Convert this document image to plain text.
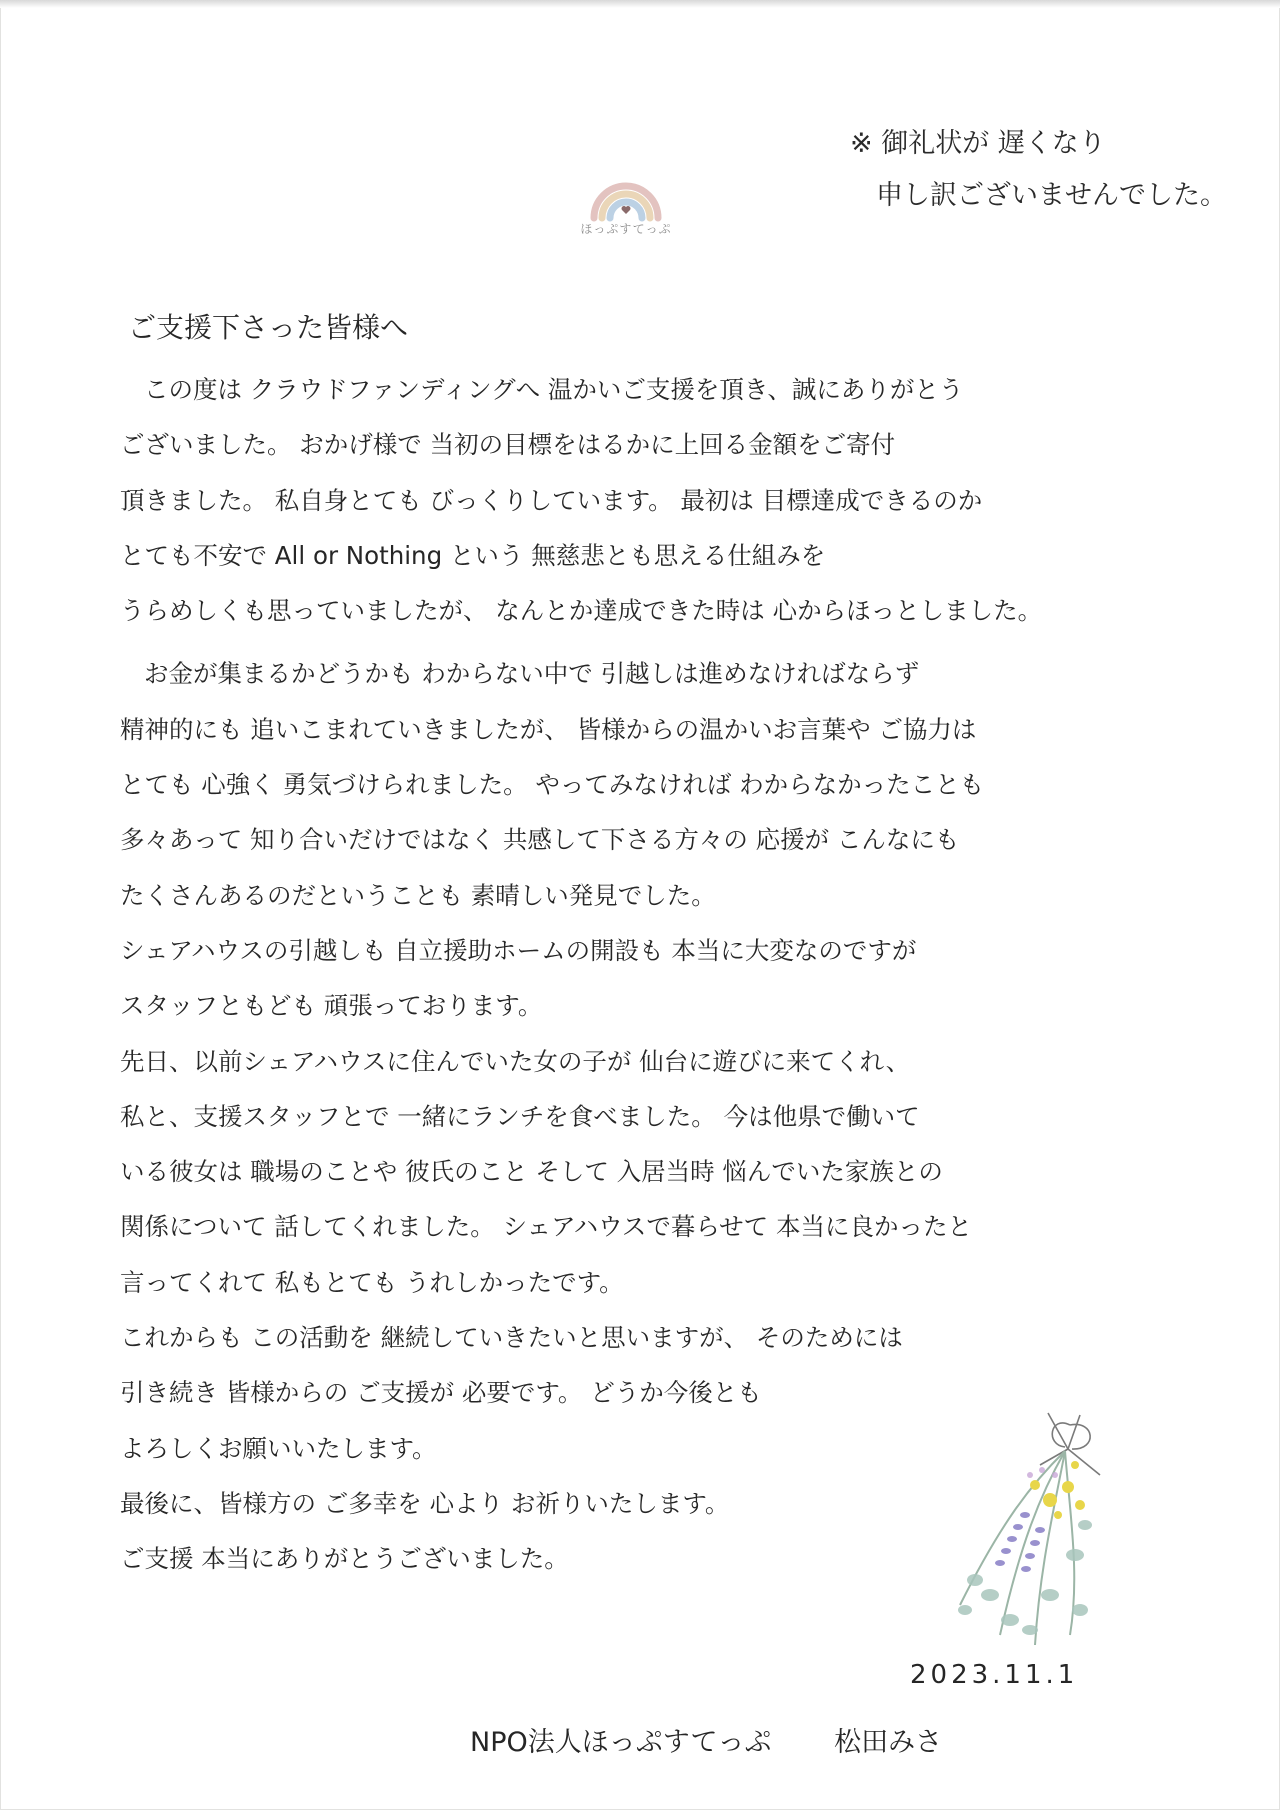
ほっぷすてっぷ
※ 御礼状が 遅くなり
申し訳ございませんでした。
ご支援下さった皆様へ
この度は クラウドファンディングへ 温かいご支援を頂き、誠にありがとう
ございました。 おかげ様で 当初の目標をはるかに上回る金額をご寄付
頂きました。 私自身とても びっくりしています。 最初は 目標達成できるのか
とても不安で All or Nothing という 無慈悲とも思える仕組みを
うらめしくも思っていましたが、 なんとか達成できた時は 心からほっとしました。
お金が集まるかどうかも わからない中で 引越しは進めなければならず
精神的にも 追いこまれていきましたが、 皆様からの温かいお言葉や ご協力は
とても 心強く 勇気づけられました。 やってみなければ わからなかったことも
多々あって 知り合いだけではなく 共感して下さる方々の 応援が こんなにも
たくさんあるのだということも 素晴しい発見でした。
シェアハウスの引越しも 自立援助ホームの開設も 本当に大変なのですが
スタッフともども 頑張っております。
先日、以前シェアハウスに住んでいた女の子が 仙台に遊びに来てくれ、
私と、支援スタッフとで 一緒にランチを食べました。 今は他県で働いて
いる彼女は 職場のことや 彼氏のこと そして 入居当時 悩んでいた家族との
関係について 話してくれました。 シェアハウスで暮らせて 本当に良かったと
言ってくれて 私もとても うれしかったです。
これからも この活動を 継続していきたいと思いますが、 そのためには
引き続き 皆様からの ご支援が 必要です。 どうか今後とも
よろしくお願いいたします。
最後に、皆様方の ご多幸を 心より お祈りいたします。
ご支援 本当にありがとうございました。
2023.11.1
NPO法人ほっぷすてっぷ 松田みさ
